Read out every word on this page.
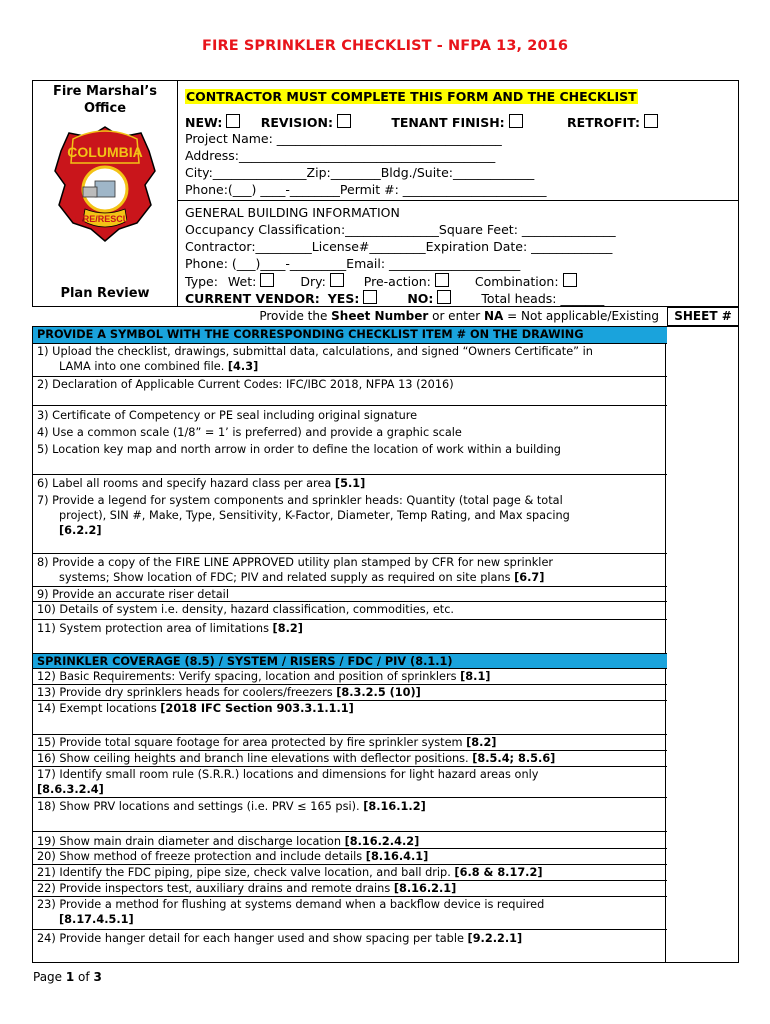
FIRE SPRINKLER CHECKLIST - NFPA 13, 2016
Fire Marshal’s
Office
COLUMBIA
FIRE/RESCUE
Plan Review
CONTRACTOR MUST COMPLETE THIS FORM AND THE CHECKLIST
NEW:	REVISION:	TENANT FINISH:	RETROFIT:
Project Name: ____________________________________
Address:_________________________________________
City:_______________Zip:________Bldg./Suite:_____________
Phone:(___) ____-________Permit #: _______________________
GENERAL BUILDING INFORMATION
Occupancy Classification:_______________Square Feet: _______________
Contractor:_________License#_________Expiration Date: _____________
Phone: (___)____-_________Email: _____________________
Type: Wet:	Dry:	Pre-action:	Combination:
CURRENT VENDOR: YES:	NO:	Total heads: _______
Provide the Sheet Number or enter NA = Not applicable/Existing	SHEET #
PROVIDE A SYMBOL WITH THE CORRESPONDING CHECKLIST ITEM # ON THE DRAWING
1) Upload the checklist, drawings, submittal data, calculations, and signed “Owners Certificate” in
LAMA into one combined file. [4.3]
2) Declaration of Applicable Current Codes: IFC/IBC 2018, NFPA 13 (2016)
3) Certificate of Competency or PE seal including original signature
4) Use a common scale (1/8” = 1’ is preferred) and provide a graphic scale
5) Location key map and north arrow in order to define the location of work within a building
6) Label all rooms and specify hazard class per area [5.1]
7) Provide a legend for system components and sprinkler heads: Quantity (total page & total
project), SIN #, Make, Type, Sensitivity, K-Factor, Diameter, Temp Rating, and Max spacing
[6.2.2]
8) Provide a copy of the FIRE LINE APPROVED utility plan stamped by CFR for new sprinkler
systems; Show location of FDC; PIV and related supply as required on site plans [6.7]
9) Provide an accurate riser detail
10) Details of system i.e. density, hazard classification, commodities, etc.
11) System protection area of limitations [8.2]
SPRINKLER COVERAGE (8.5) / SYSTEM / RISERS / FDC / PIV (8.1.1)
12) Basic Requirements: Verify spacing, location and position of sprinklers [8.1]
13) Provide dry sprinklers heads for coolers/freezers [8.3.2.5 (10)]
14) Exempt locations [2018 IFC Section 903.3.1.1.1]
15) Provide total square footage for area protected by fire sprinkler system [8.2]
16) Show ceiling heights and branch line elevations with deflector positions. [8.5.4; 8.5.6]
17) Identify small room rule (S.R.R.) locations and dimensions for light hazard areas only
[8.6.3.2.4]
18) Show PRV locations and settings (i.e. PRV ≤ 165 psi). [8.16.1.2]
19) Show main drain diameter and discharge location [8.16.2.4.2]
20) Show method of freeze protection and include details [8.16.4.1]
21) Identify the FDC piping, pipe size, check valve location, and ball drip. [6.8 & 8.17.2]
22) Provide inspectors test, auxiliary drains and remote drains [8.16.2.1]
23) Provide a method for flushing at systems demand when a backflow device is required
[8.17.4.5.1]
24) Provide hanger detail for each hanger used and show spacing per table [9.2.2.1]
Page 1 of 3
